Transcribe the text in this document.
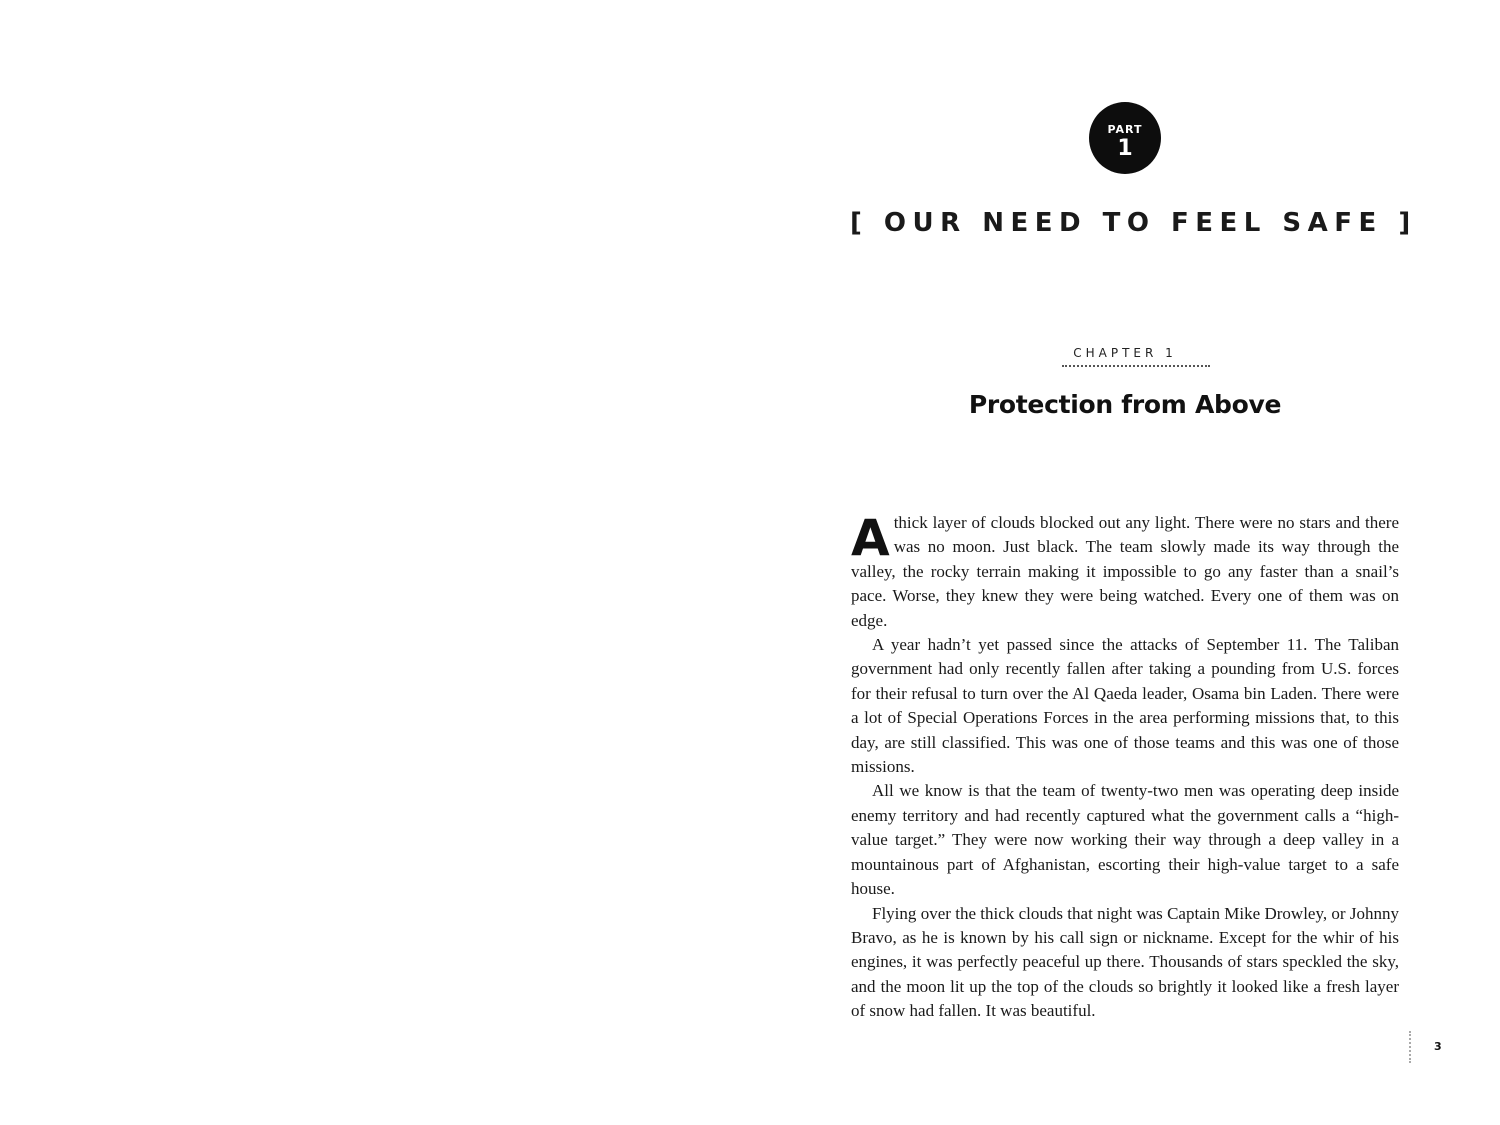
PART
1
[ OUR NEED TO FEEL SAFE ]
CHAPTER 1
Protection from Above

A thick layer of clouds blocked out any light. There were no stars and there was no moon. Just black. The team slowly made its way through the valley, the rocky terrain making it impossible to go any faster than a snail’s pace. Worse, they knew they were being watched. Every one of them was on edge.

A year hadn’t yet passed since the attacks of September 11. The Taliban government had only recently fallen after taking a pounding from U.S. forces for their refusal to turn over the Al Qaeda leader, Osama bin Laden. There were a lot of Special Operations Forces in the area performing missions that, to this day, are still classified. This was one of those teams and this was one of those missions.

All we know is that the team of twenty-two men was operating deep inside enemy territory and had recently captured what the government calls a “high-value target.” They were now working their way through a deep valley in a mountainous part of Afghanistan, escorting their high-value target to a safe house.

Flying over the thick clouds that night was Captain Mike Drowley, or Johnny Bravo, as he is known by his call sign or nickname. Except for the whir of his engines, it was perfectly peaceful up there. Thousands of stars speckled the sky, and the moon lit up the top of the clouds so brightly it looked like a fresh layer of snow had fallen. It was beautiful.

3
